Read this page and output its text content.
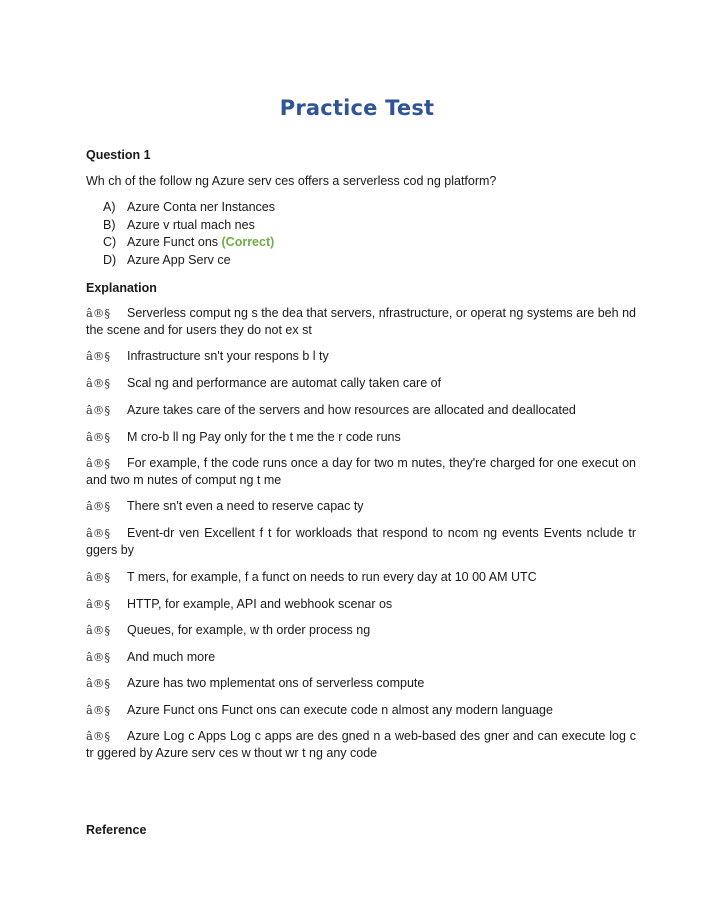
Practice Test
Question 1
Wh ch of the follow ng Azure serv ces offers a serverless cod ng platform?
A) Azure Conta ner Instances
B) Azure v rtual mach nes
C) Azure Funct ons (Correct)
D) Azure App Serv ce
Explanation
â®§ Serverless comput ng s the dea that servers, nfrastructure, or operat ng systems are beh nd the scene and for users they do not ex st
â®§ Infrastructure sn't your respons b l ty
â®§ Scal ng and performance are automat cally taken care of
â®§ Azure takes care of the servers and how resources are allocated and deallocated
â®§ M cro-b ll ng Pay only for the t me the r code runs
â®§ For example, f the code runs once a day for two m nutes, they're charged for one execut on and two m nutes of comput ng t me
â®§ There sn't even a need to reserve capac ty
â®§ Event-dr ven Excellent f t for workloads that respond to ncom ng events Events nclude tr ggers by
â®§ T mers, for example, f a funct on needs to run every day at 10 00 AM UTC
â®§ HTTP, for example, API and webhook scenar os
â®§ Queues, for example, w th order process ng
â®§ And much more
â®§ Azure has two mplementat ons of serverless compute
â®§ Azure Funct ons Funct ons can execute code n almost any modern language
â®§ Azure Log c Apps Log c apps are des gned n a web-based des gner and can execute log c tr ggered by Azure serv ces w thout wr t ng any code
Reference
